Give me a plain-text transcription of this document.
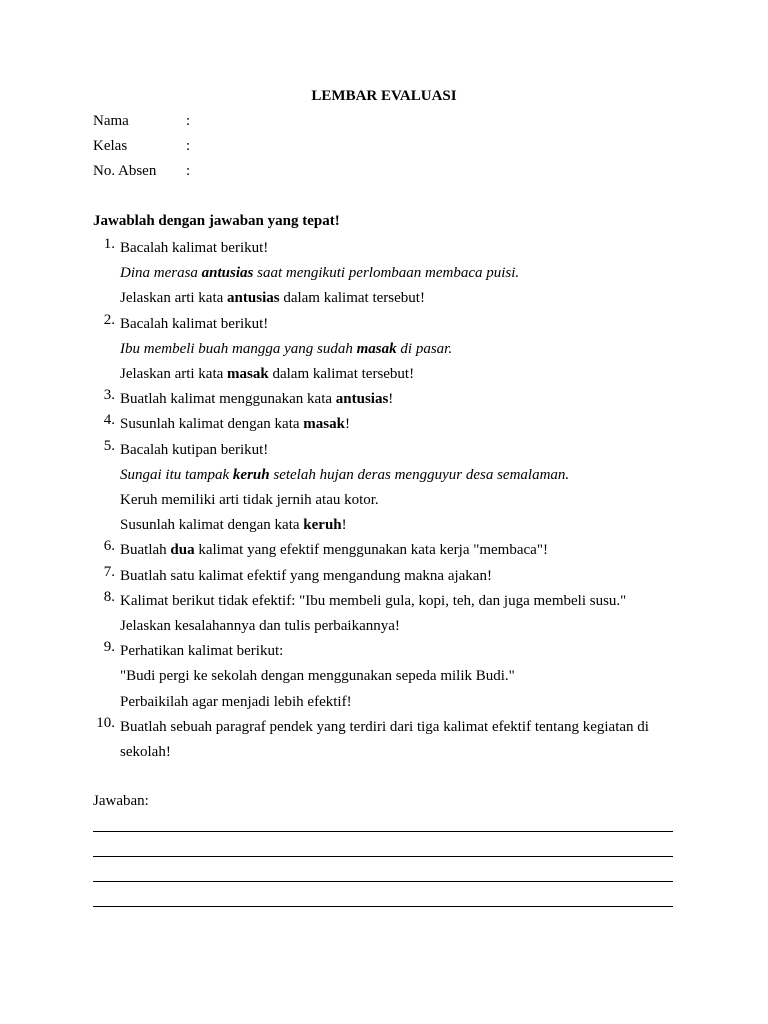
LEMBAR EVALUASI
Nama	:
Kelas	:
No. Absen :
Jawablah dengan jawaban yang tepat!
1. Bacalah kalimat berikut!
Dina merasa antusias saat mengikuti perlombaan membaca puisi.
Jelaskan arti kata antusias dalam kalimat tersebut!
2. Bacalah kalimat berikut!
Ibu membeli buah mangga yang sudah masak di pasar.
Jelaskan arti kata masak dalam kalimat tersebut!
3. Buatlah kalimat menggunakan kata antusias!
4. Susunlah kalimat dengan kata masak!
5. Bacalah kutipan berikut!
Sungai itu tampak keruh setelah hujan deras mengguyur desa semalaman.
Keruh memiliki arti tidak jernih atau kotor.
Susunlah kalimat dengan kata keruh!
6. Buatlah dua kalimat yang efektif menggunakan kata kerja "membaca"!
7. Buatlah satu kalimat efektif yang mengandung makna ajakan!
8. Kalimat berikut tidak efektif: "Ibu membeli gula, kopi, teh, dan juga membeli susu."
Jelaskan kesalahannya dan tulis perbaikannya!
9. Perhatikan kalimat berikut:
"Budi pergi ke sekolah dengan menggunakan sepeda milik Budi."
Perbaikilah agar menjadi lebih efektif!
10. Buatlah sebuah paragraf pendek yang terdiri dari tiga kalimat efektif tentang kegiatan di
sekolah!
Jawaban:
